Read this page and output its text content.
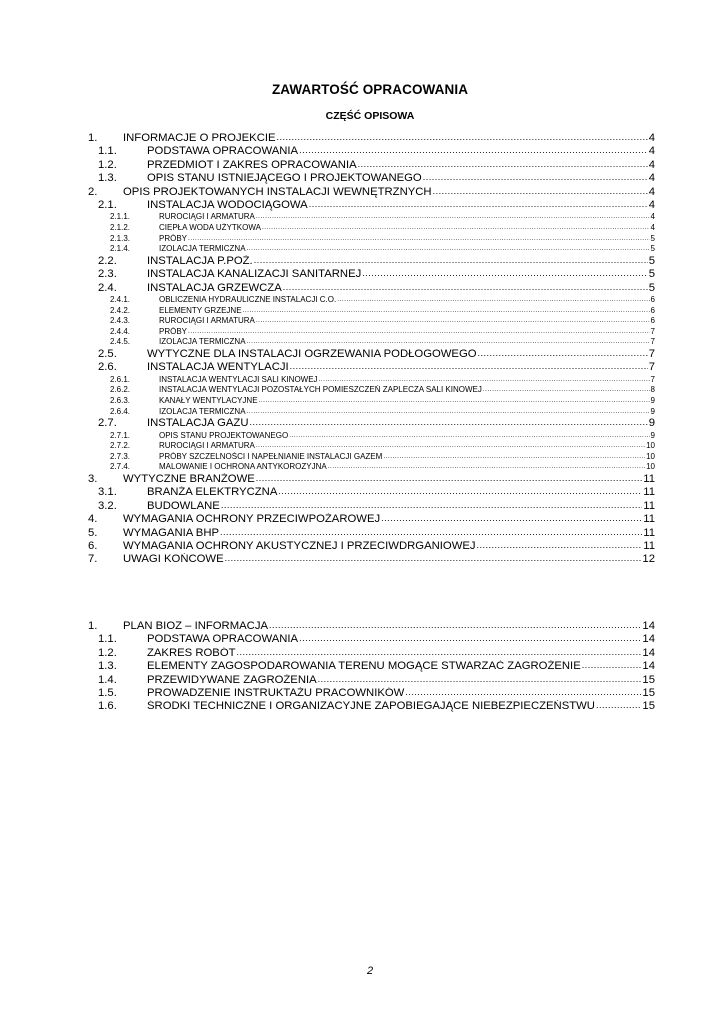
ZAWARTOŚĆ OPRACOWANIA
CZĘŚĆ OPISOWA
1. INFORMACJE O PROJEKCIE .....	4
1.1.	PODSTAWA OPRACOWANIA .....	4
1.2.	PRZEDMIOT I ZAKRES OPRACOWANIA .....	4
1.3.	OPIS STANU ISTNIEJĄCEGO I PROJEKTOWANEGO .....	4
2. OPIS PROJEKTOWANYCH INSTALACJI WEWNĘTRZNYCH .....	4
2.1.	INSTALACJA WODOCIĄGOWA .....	4
2.1.1.	RUROCIĄGI I ARMATURA .....	4
2.1.2.	CIEPŁA WODA UŻYTKOWA .....	4
2.1.3.	PRÓBY .....	5
2.1.4.	IZOLACJA TERMICZNA .....	5
2.2.	INSTALACJA P.POŻ. .....	5
2.3.	INSTALACJA KANALIZACJI SANITARNEJ .....	5
2.4.	INSTALACJA GRZEWCZA .....	5
2.4.1.	OBLICZENIA HYDRAULICZNE INSTALACJI C.O. .....	6
2.4.2.	ELEMENTY GRZEJNE .....	6
2.4.3.	RUROCIĄGI I ARMATURA .....	6
2.4.4.	PRÓBY .....	7
2.4.5.	IZOLACJA TERMICZNA .....	7
2.5.	WYTYCZNE DLA INSTALACJI OGRZEWANIA PODŁOGOWEGO .....	7
2.6.	INSTALACJA WENTYLACJI .....	7
2.6.1.	INSTALACJA WENTYLACJI SALI KINOWEJ .....	7
2.6.2.	INSTALACJA WENTYLACJI POZOSTAŁYCH POMIESZCZEŃ ZAPLECZA SALI KINOWEJ .....	8
2.6.3.	KANAŁY WENTYLACYJNE .....	9
2.6.4.	IZOLACJA TERMICZNA .....	9
2.7.	INSTALACJA GAZU .....	9
2.7.1.	OPIS STANU PROJEKTOWANEGO .....	9
2.7.2.	RUROCIĄGI I ARMATURA .....	10
2.7.3.	PRÓBY SZCZELNOŚCI I NAPEŁNIANIE INSTALACJI GAZEM .....	10
2.7.4.	MALOWANIE I OCHRONA ANTYKOROZYJNA .....	10
3. WYTYCZNE BRANŻOWE .....	11
3.1.	BRANŻA ELEKTRYCZNA .....	11
3.2.	BUDOWLANE .....	11
4. WYMAGANIA OCHRONY PRZECIWPOŻAROWEJ .....	11
5. WYMAGANIA BHP .....	11
6. WYMAGANIA OCHRONY AKUSTYCZNEJ I PRZECIWDRGANIOWEJ .....	11
7. UWAGI KOŃCOWE .....	12
1. PLAN BIOZ – INFORMACJA .....	14
1.1.	PODSTAWA OPRACOWANIA .....	14
1.2.	ZAKRES ROBÓT .....	14
1.3.	ELEMENTY ZAGOSPODAROWANIA TERENU MOGĄCE STWARZAĆ ZAGROŻENIE .....	14
1.4.	PRZEWIDYWANE ZAGROŻENIA .....	15
1.5.	PROWADZENIE INSTRUKTAŻU PRACOWNIKÓW .....	15
1.6.	ŚRODKI TECHNICZNE I ORGANIZACYJNE ZAPOBIEGAJĄCE NIEBEZPIECZEŃSTWU .....	15
2
